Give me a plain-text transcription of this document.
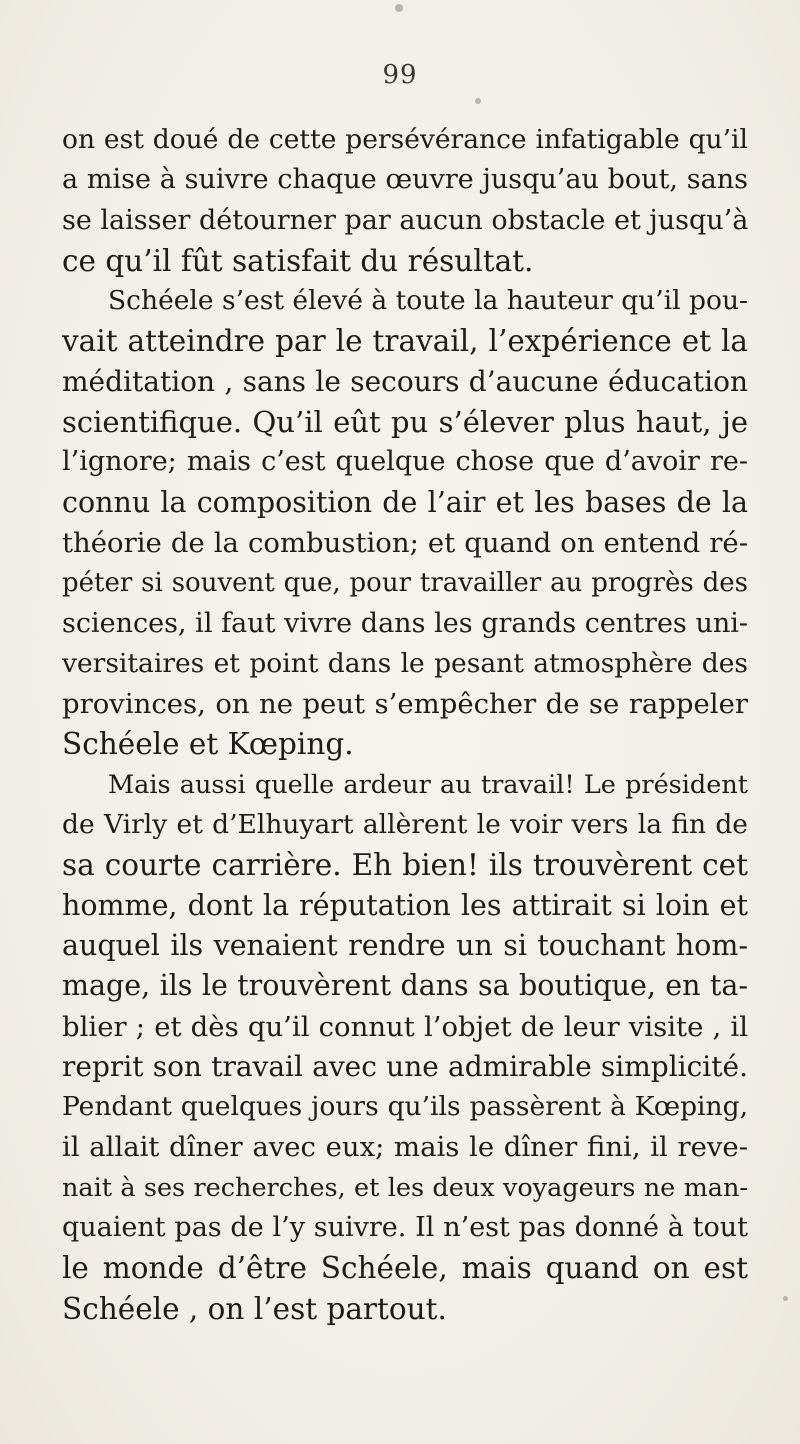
99
on est doué de cette persévérance infatigable qu’il
a mise à suivre chaque œuvre jusqu’au bout, sans
se laisser détourner par aucun obstacle et jusqu’à
ce qu’il fût satisfait du résultat.
Schéele s’est élevé à toute la hauteur qu’il pou-
vait atteindre par le travail, l’expérience et la
méditation , sans le secours d’aucune éducation
scientifique. Qu’il eût pu s’élever plus haut, je
l’ignore; mais c’est quelque chose que d’avoir re-
connu la composition de l’air et les bases de la
théorie de la combustion; et quand on entend ré-
péter si souvent que, pour travailler au progrès des
sciences, il faut vivre dans les grands centres uni-
versitaires et point dans le pesant atmosphère des
provinces, on ne peut s’empêcher de se rappeler
Schéele et Kœping.
Mais aussi quelle ardeur au travail! Le président
de Virly et d’Elhuyart allèrent le voir vers la fin de
sa courte carrière. Eh bien! ils trouvèrent cet
homme, dont la réputation les attirait si loin et
auquel ils venaient rendre un si touchant hom-
mage, ils le trouvèrent dans sa boutique, en ta-
blier ; et dès qu’il connut l’objet de leur visite , il
reprit son travail avec une admirable simplicité.
Pendant quelques jours qu’ils passèrent à Kœping,
il allait dîner avec eux; mais le dîner fini, il reve-
nait à ses recherches, et les deux voyageurs ne man-
quaient pas de l’y suivre. Il n’est pas donné à tout
le monde d’être Schéele, mais quand on est
Schéele , on l’est partout.
